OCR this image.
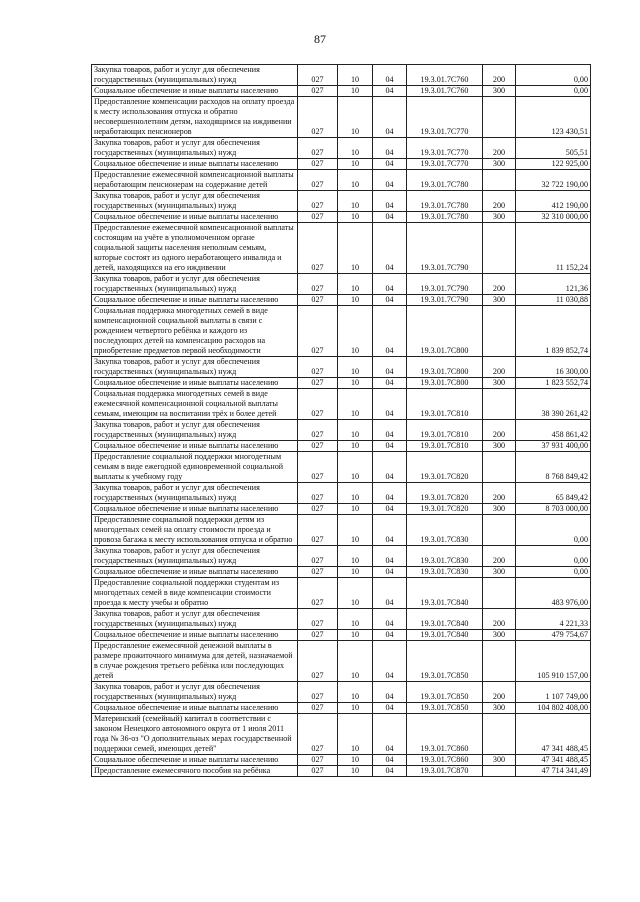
87
Закупка товаров, работ и услуг для обеспечения государственных (муниципальных) нужд	027	10	04	19.3.01.7С760	200	0,00
Социальное обеспечение и иные выплаты населению	027	10	04	19.3.01.7С760	300	0,00
Предоставление компенсации расходов на оплату проезда к месту использования отпуска и обратно несовершеннолетним детям, находящимся на иждивении неработающих пенсионеров	027	10	04	19.3.01.7С770		123 430,51
Закупка товаров, работ и услуг для обеспечения государственных (муниципальных) нужд	027	10	04	19.3.01.7С770	200	505,51
Социальное обеспечение и иные выплаты населению	027	10	04	19.3.01.7С770	300	122 925,00
Предоставление ежемесячной компенсационной выплаты неработающим пенсионерам на содержание детей	027	10	04	19.3.01.7С780		32 722 190,00
Закупка товаров, работ и услуг для обеспечения государственных (муниципальных) нужд	027	10	04	19.3.01.7С780	200	412 190,00
Социальное обеспечение и иные выплаты населению	027	10	04	19.3.01.7С780	300	32 310 000,00
Предоставление ежемесячной компенсационной выплаты состоящим на учёте в уполномоченном органе социальной защиты населения неполным семьям, которые состоят из одного неработающего инвалида и детей, находящихся на его иждивении	027	10	04	19.3.01.7С790		11 152,24
Закупка товаров, работ и услуг для обеспечения государственных (муниципальных) нужд	027	10	04	19.3.01.7С790	200	121,36
Социальное обеспечение и иные выплаты населению	027	10	04	19.3.01.7С790	300	11 030,88
Социальная поддержка многодетных семей в виде компенсационной социальной выплаты в связи с рождением четвертого ребёнка и каждого из последующих детей на компенсацию расходов на приобретение предметов первой необходимости	027	10	04	19.3.01.7С800		1 839 852,74
Закупка товаров, работ и услуг для обеспечения государственных (муниципальных) нужд	027	10	04	19.3.01.7С800	200	16 300,00
Социальное обеспечение и иные выплаты населению	027	10	04	19.3.01.7С800	300	1 823 552,74
Социальная поддержка многодетных семей в виде ежемесячной компенсационной социальной выплаты семьям, имеющим на воспитании трёх и более детей	027	10	04	19.3.01.7С810		38 390 261,42
Закупка товаров, работ и услуг для обеспечения государственных (муниципальных) нужд	027	10	04	19.3.01.7С810	200	458 861,42
Социальное обеспечение и иные выплаты населению	027	10	04	19.3.01.7С810	300	37 931 400,00
Предоставление социальной поддержки многодетным семьям в виде ежегодной единовременной социальной выплаты к учебному году	027	10	04	19.3.01.7С820		8 768 849,42
Закупка товаров, работ и услуг для обеспечения государственных (муниципальных) нужд	027	10	04	19.3.01.7С820	200	65 849,42
Социальное обеспечение и иные выплаты населению	027	10	04	19.3.01.7С820	300	8 703 000,00
Предоставление социальной поддержки детям из многодетных семей на оплату стоимости проезда и провоза багажа к месту использования отпуска и обратно	027	10	04	19.3.01.7С830		0,00
Закупка товаров, работ и услуг для обеспечения государственных (муниципальных) нужд	027	10	04	19.3.01.7С830	200	0,00
Социальное обеспечение и иные выплаты населению	027	10	04	19.3.01.7С830	300	0,00
Предоставление социальной поддержки студентам из многодетных семей в виде компенсации стоимости проезда к месту учебы и обратно	027	10	04	19.3.01.7С840		483 976,00
Закупка товаров, работ и услуг для обеспечения государственных (муниципальных) нужд	027	10	04	19.3.01.7С840	200	4 221,33
Социальное обеспечение и иные выплаты населению	027	10	04	19.3.01.7С840	300	479 754,67
Предоставление ежемесячной денежной выплаты в размере прожиточного минимума для детей, назначаемой в случае рождения третьего ребёнка или последующих детей	027	10	04	19.3.01.7С850		105 910 157,00
Закупка товаров, работ и услуг для обеспечения государственных (муниципальных) нужд	027	10	04	19.3.01.7С850	200	1 107 749,00
Социальное обеспечение и иные выплаты населению	027	10	04	19.3.01.7С850	300	104 802 408,00
Материнский (семейный) капитал в соответствии с законом Ненецкого автономного округа от 1 июля 2011 года № 36-оз "О дополнительных мерах государственной поддержки семей, имеющих детей"	027	10	04	19.3.01.7С860		47 341 488,45
Социальное обеспечение и иные выплаты населению	027	10	04	19.3.01.7С860	300	47 341 488,45
Предоставление ежемесячного пособия на ребёнка	027	10	04	19.3.01.7С870		47 714 341,49
